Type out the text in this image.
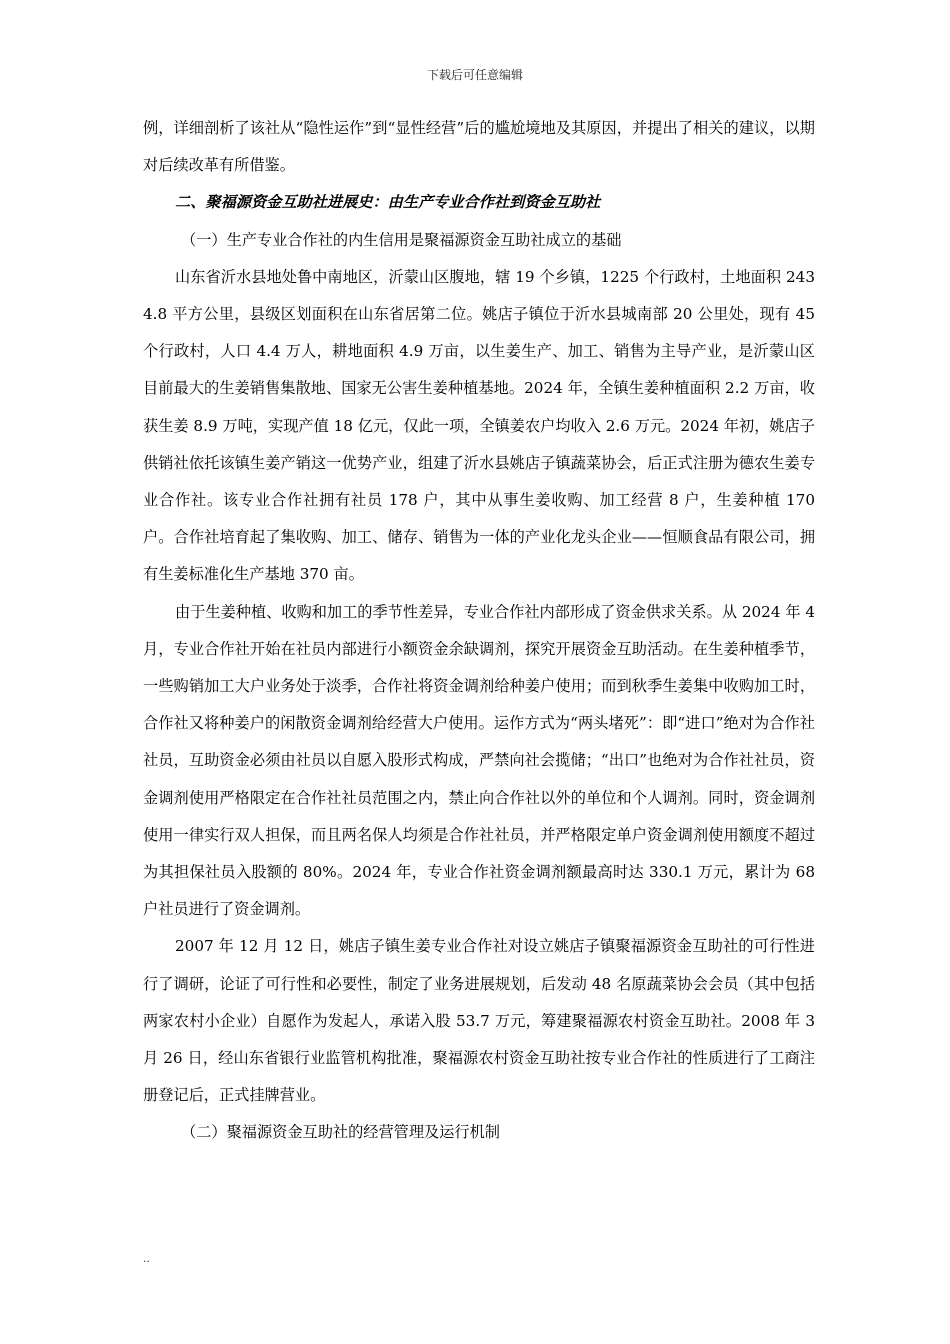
下载后可任意编辑

例，详细剖析了该社从“隐性运作”到“显性经营”后的尴尬境地及其原因，并提出了相关的建议，以期对后续改革有所借鉴。

二、聚福源资金互助社进展史：由生产专业合作社到资金互助社

（一）生产专业合作社的内生信用是聚福源资金互助社成立的基础

山东省沂水县地处鲁中南地区，沂蒙山区腹地，辖 19 个乡镇，1225 个行政村，土地面积 2434.8 平方公里，县级区划面积在山东省居第二位。姚店子镇位于沂水县城南部 20 公里处，现有 45 个行政村，人口 4.4 万人，耕地面积 4.9 万亩，以生姜生产、加工、销售为主导产业，是沂蒙山区目前最大的生姜销售集散地、国家无公害生姜种植基地。2024 年，全镇生姜种植面积 2.2 万亩，收获生姜 8.9 万吨，实现产值 18 亿元，仅此一项，全镇姜农户均收入 2.6 万元。2024 年初，姚店子供销社依托该镇生姜产销这一优势产业，组建了沂水县姚店子镇蔬菜协会，后正式注册为德农生姜专业合作社。该专业合作社拥有社员 178 户，其中从事生姜收购、加工经营 8 户，生姜种植 170 户。合作社培育起了集收购、加工、储存、销售为一体的产业化龙头企业——恒顺食品有限公司，拥有生姜标准化生产基地 370 亩。

由于生姜种植、收购和加工的季节性差异，专业合作社内部形成了资金供求关系。从 2024 年 4 月，专业合作社开始在社员内部进行小额资金余缺调剂，探究开展资金互助活动。在生姜种植季节，一些购销加工大户业务处于淡季，合作社将资金调剂给种姜户使用；而到秋季生姜集中收购加工时，合作社又将种姜户的闲散资金调剂给经营大户使用。运作方式为“两头堵死”：即“进口”绝对为合作社社员，互助资金必须由社员以自愿入股形式构成，严禁向社会揽储；“出口”也绝对为合作社社员，资金调剂使用严格限定在合作社社员范围之内，禁止向合作社以外的单位和个人调剂。同时，资金调剂使用一律实行双人担保，而且两名保人均须是合作社社员，并严格限定单户资金调剂使用额度不超过为其担保社员入股额的 80%。2024 年，专业合作社资金调剂额最高时达 330.1 万元，累计为 68 户社员进行了资金调剂。

2007 年 12 月 12 日，姚店子镇生姜专业合作社对设立姚店子镇聚福源资金互助社的可行性进行了调研，论证了可行性和必要性，制定了业务进展规划，后发动 48 名原蔬菜协会会员（其中包括两家农村小企业）自愿作为发起人，承诺入股 53.7 万元，筹建聚福源农村资金互助社。2008 年 3 月 26 日，经山东省银行业监管机构批准，聚福源农村资金互助社按专业合作社的性质进行了工商注册登记后，正式挂牌营业。

（二）聚福源资金互助社的经营管理及运行机制

..
